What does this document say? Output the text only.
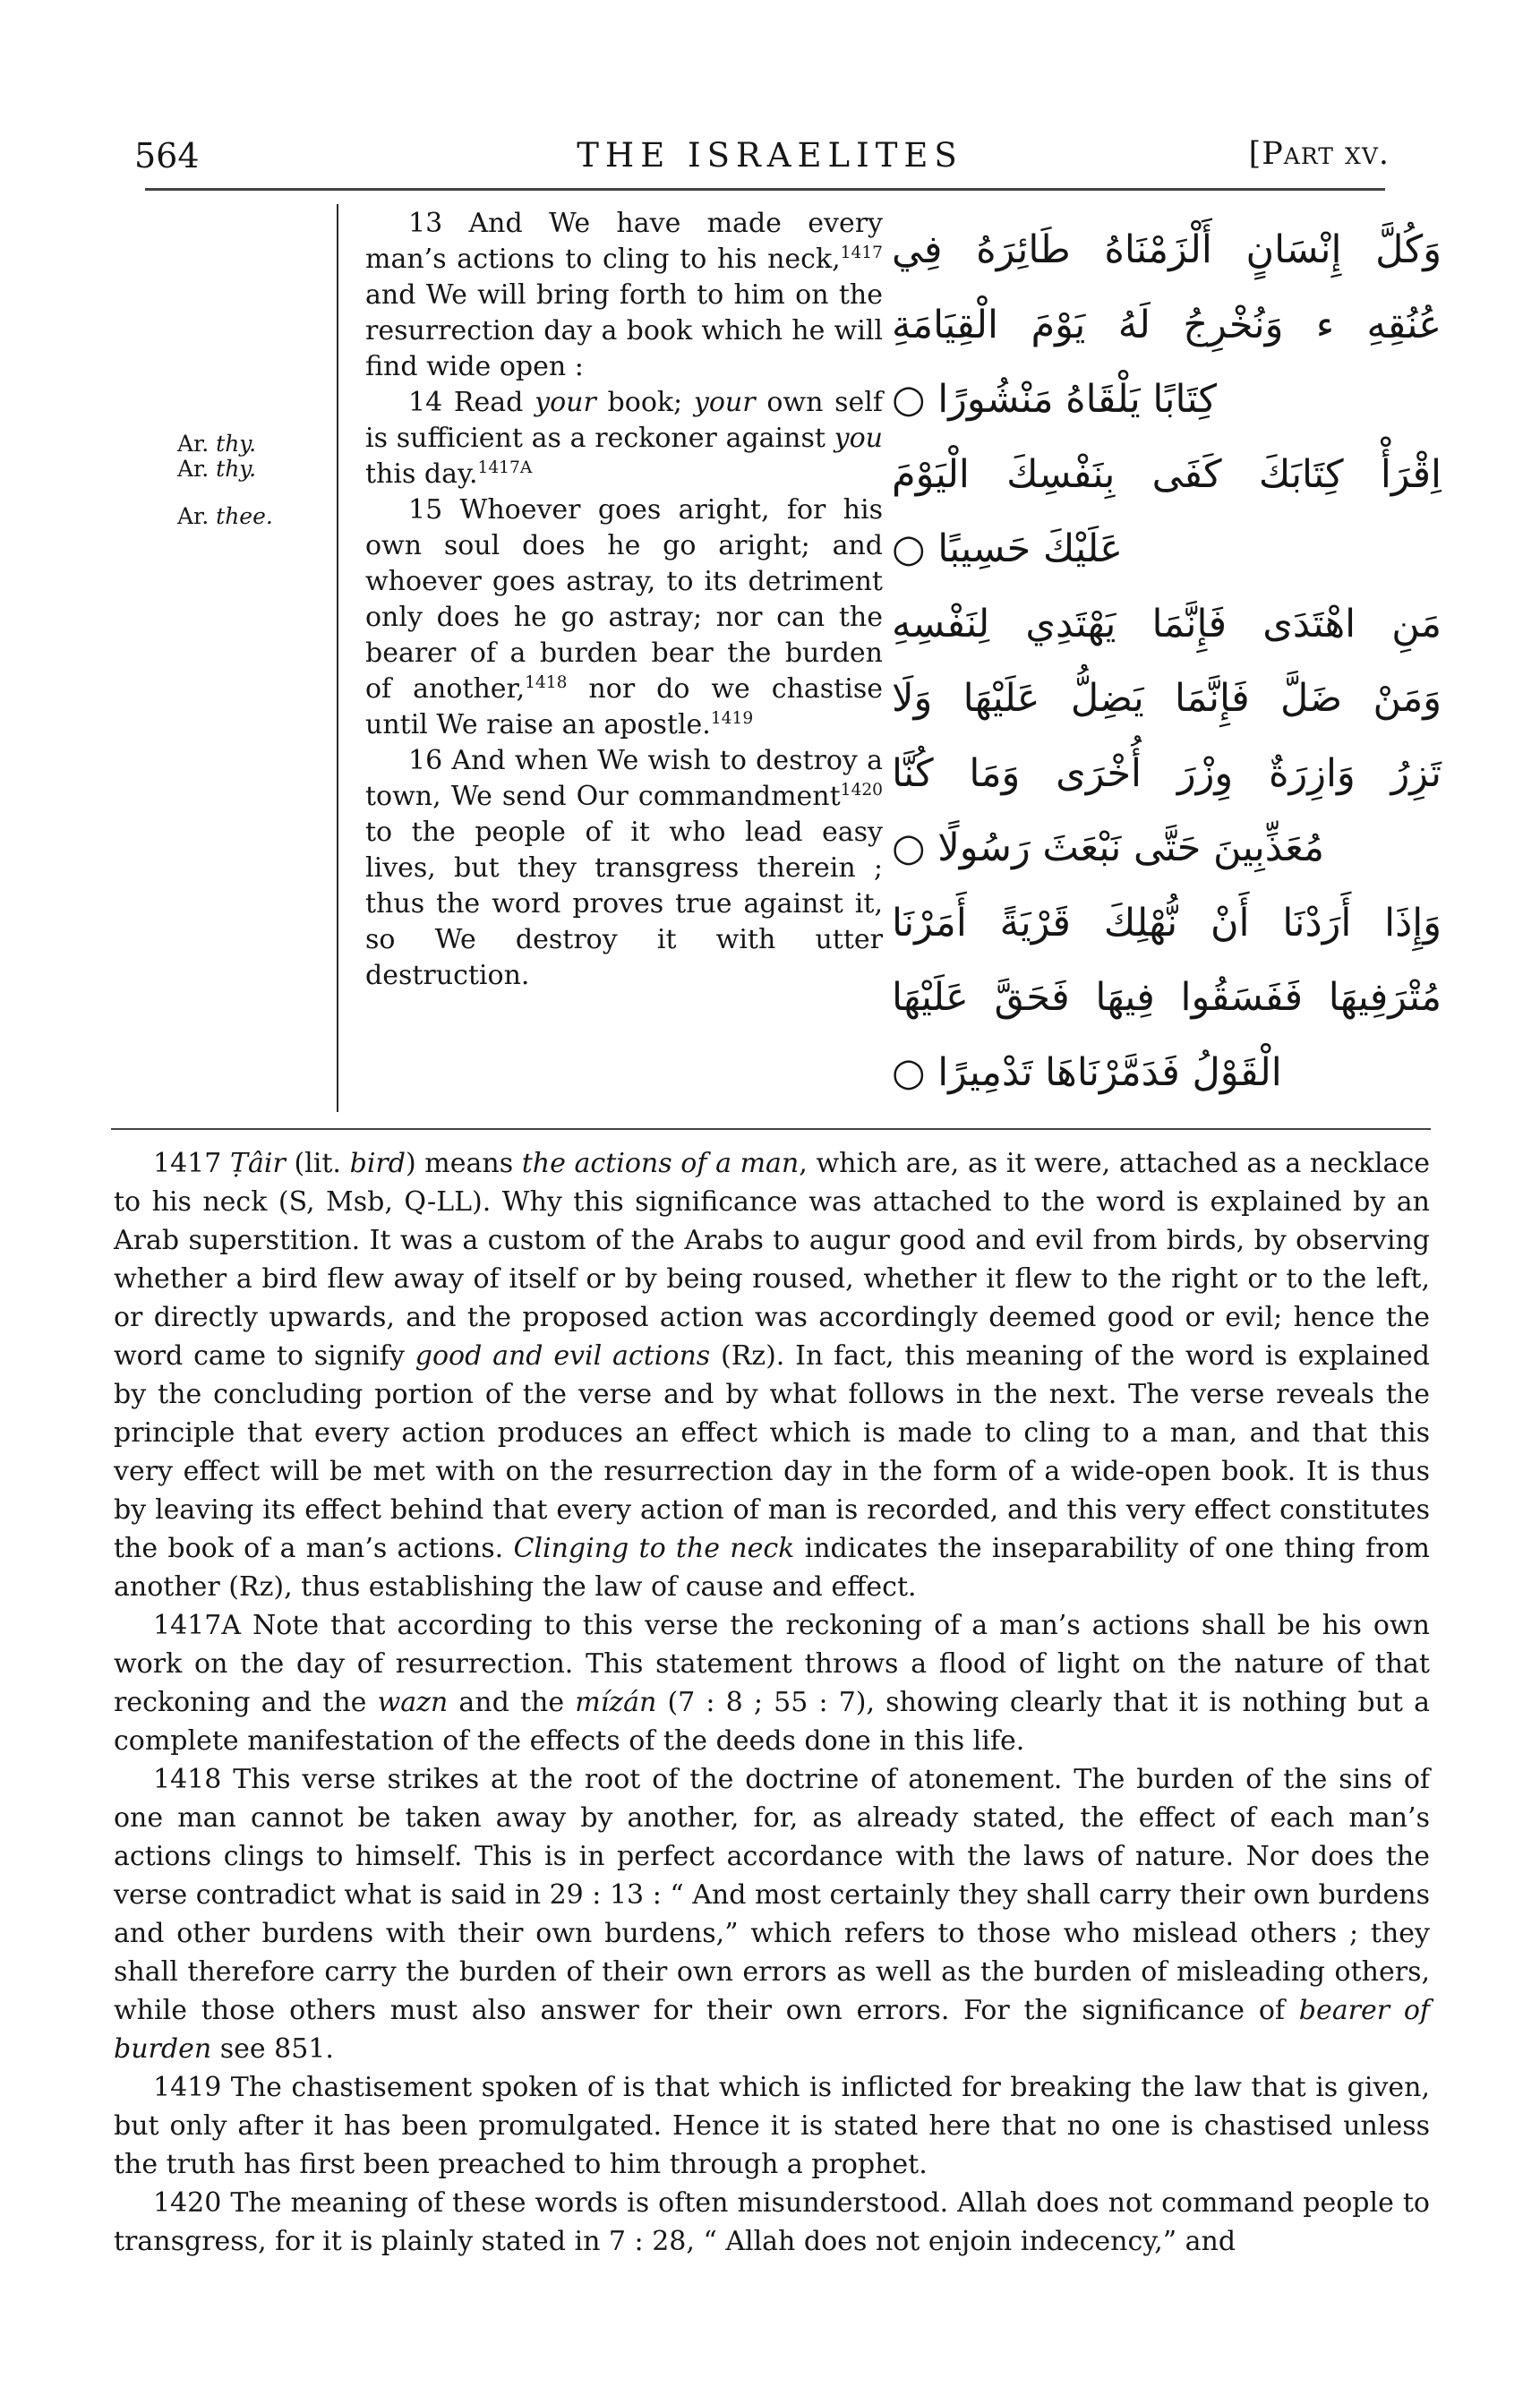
564	THE ISRAELITES	[Part xv.
Ar. thy.
Ar. thy.
Ar. thee.

13 And We have made every man’s actions to cling to his neck,$^{1417}$ and We will bring forth to him on the resurrection day a book which he will find wide open :

14 Read your book; your own self is sufficient as a reckoner against you this day.$^{1417A}$

15 Whoever goes aright, for his own soul does he go aright; and whoever goes astray, to its detriment only does he go astray; nor can the bearer of a burden bear the burden of another,$^{1418}$ nor do we chastise until We raise an apostle.$^{1419}$

16 And when We wish to destroy a town, We send Our commandment$^{1420}$ to the people of it who lead easy lives, but they transgress therein ; thus the word proves true against it, so We destroy it with utter destruction.

وَكُلَّ إِنْسَانٍ أَلْزَمْنَاهُ طَائِرَهُ فِي
عُنُقِهِ ء وَنُخْرِجُ لَهُ يَوْمَ الْقِيَامَةِ
كِتَابًا يَلْقَاهُ مَنْشُورًا ○
اِقْرَأْ كِتَابَكَ كَفَى بِنَفْسِكَ الْيَوْمَ
عَلَيْكَ حَسِيبًا ○
مَنِ اهْتَدَى فَإِنَّمَا يَهْتَدِي لِنَفْسِهِ
وَمَنْ ضَلَّ فَإِنَّمَا يَضِلُّ عَلَيْهَا وَلَا
تَزِرُ وَازِرَةٌ وِزْرَ أُخْرَى وَمَا كُنَّا
مُعَذِّبِينَ حَتَّى نَبْعَثَ رَسُولًا ○
وَإِذَا أَرَدْنَا أَنْ نُّهْلِكَ قَرْيَةً أَمَرْنَا
مُتْرَفِيهَا فَفَسَقُوا فِيهَا فَحَقَّ عَلَيْهَا
الْقَوْلُ فَدَمَّرْنَاهَا تَدْمِيرًا ○

1417 Ṭâir (lit. bird) means the actions of a man, which are, as it were, attached as a necklace to his neck (S, Msb, Q-LL). Why this significance was attached to the word is explained by an Arab superstition. It was a custom of the Arabs to augur good and evil from birds, by observing whether a bird flew away of itself or by being roused, whether it flew to the right or to the left, or directly upwards, and the proposed action was accordingly deemed good or evil; hence the word came to signify good and evil actions (Rz). In fact, this meaning of the word is explained by the concluding portion of the verse and by what follows in the next. The verse reveals the principle that every action produces an effect which is made to cling to a man, and that this very effect will be met with on the resurrection day in the form of a wide-open book. It is thus by leaving its effect behind that every action of man is recorded, and this very effect constitutes the book of a man’s actions. Clinging to the neck indicates the inseparability of one thing from another (Rz), thus establishing the law of cause and effect.

1417A Note that according to this verse the reckoning of a man’s actions shall be his own work on the day of resurrection. This statement throws a flood of light on the nature of that reckoning and the wazn and the mízán (7 : 8 ; 55 : 7), showing clearly that it is nothing but a complete manifestation of the effects of the deeds done in this life.

1418 This verse strikes at the root of the doctrine of atonement. The burden of the sins of one man cannot be taken away by another, for, as already stated, the effect of each man’s actions clings to himself. This is in perfect accordance with the laws of nature. Nor does the verse contradict what is said in 29 : 13 : “ And most certainly they shall carry their own burdens and other burdens with their own burdens,” which refers to those who mislead others ; they shall therefore carry the burden of their own errors as well as the burden of misleading others, while those others must also answer for their own errors. For the significance of bearer of burden see 851.

1419 The chastisement spoken of is that which is inflicted for breaking the law that is given, but only after it has been promulgated. Hence it is stated here that no one is chastised unless the truth has first been preached to him through a prophet.

1420 The meaning of these words is often misunderstood. Allah does not command people to transgress, for it is plainly stated in 7 : 28, “ Allah does not enjoin indecency,” and
